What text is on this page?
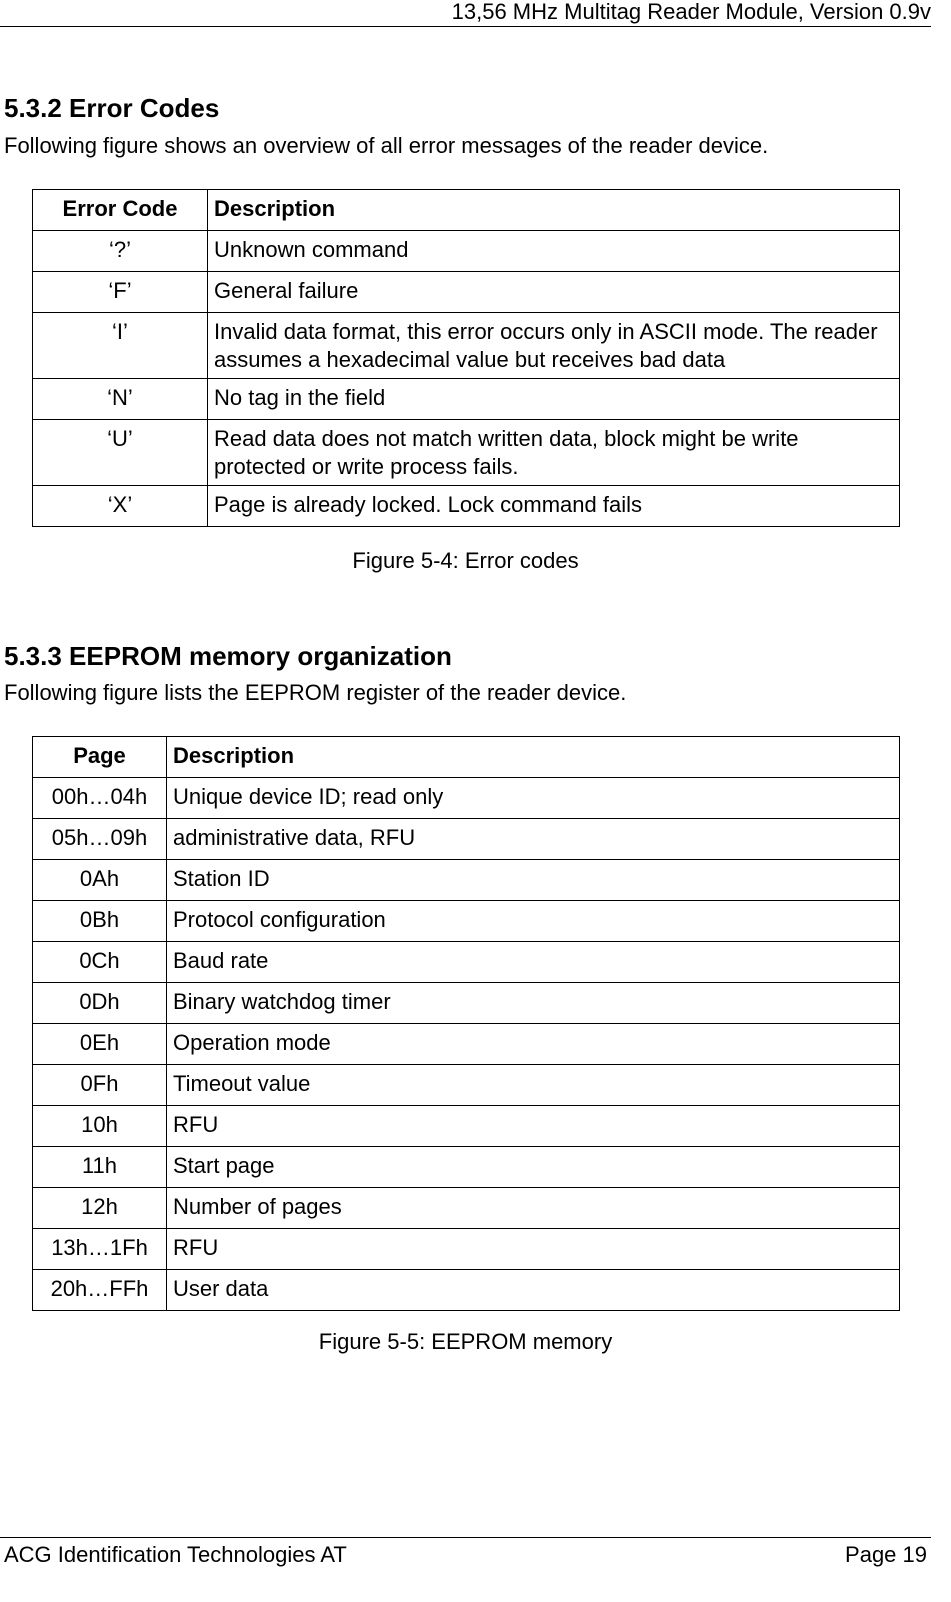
13,56 MHz Multitag Reader Module, Version 0.9v
5.3.2 Error Codes
Following figure shows an overview of all error messages of the reader device.
Error Code	Description
‘?’	Unknown command
‘F’	General failure
‘I’	Invalid data format, this error occurs only in ASCII mode. The reader assumes a hexadecimal value but receives bad data
‘N’	No tag in the field
‘U’	Read data does not match written data, block might be write protected or write process fails.
‘X’	Page is already locked. Lock command fails
Figure 5-4: Error codes
5.3.3 EEPROM memory organization
Following figure lists the EEPROM register of the reader device.
Page	Description
00h…04h	Unique device ID; read only
05h…09h	administrative data, RFU
0Ah	Station ID
0Bh	Protocol configuration
0Ch	Baud rate
0Dh	Binary watchdog timer
0Eh	Operation mode
0Fh	Timeout value
10h	RFU
11h	Start page
12h	Number of pages
13h…1Fh	RFU
20h…FFh	User data
Figure 5-5: EEPROM memory
ACG Identification Technologies AT	Page 19
